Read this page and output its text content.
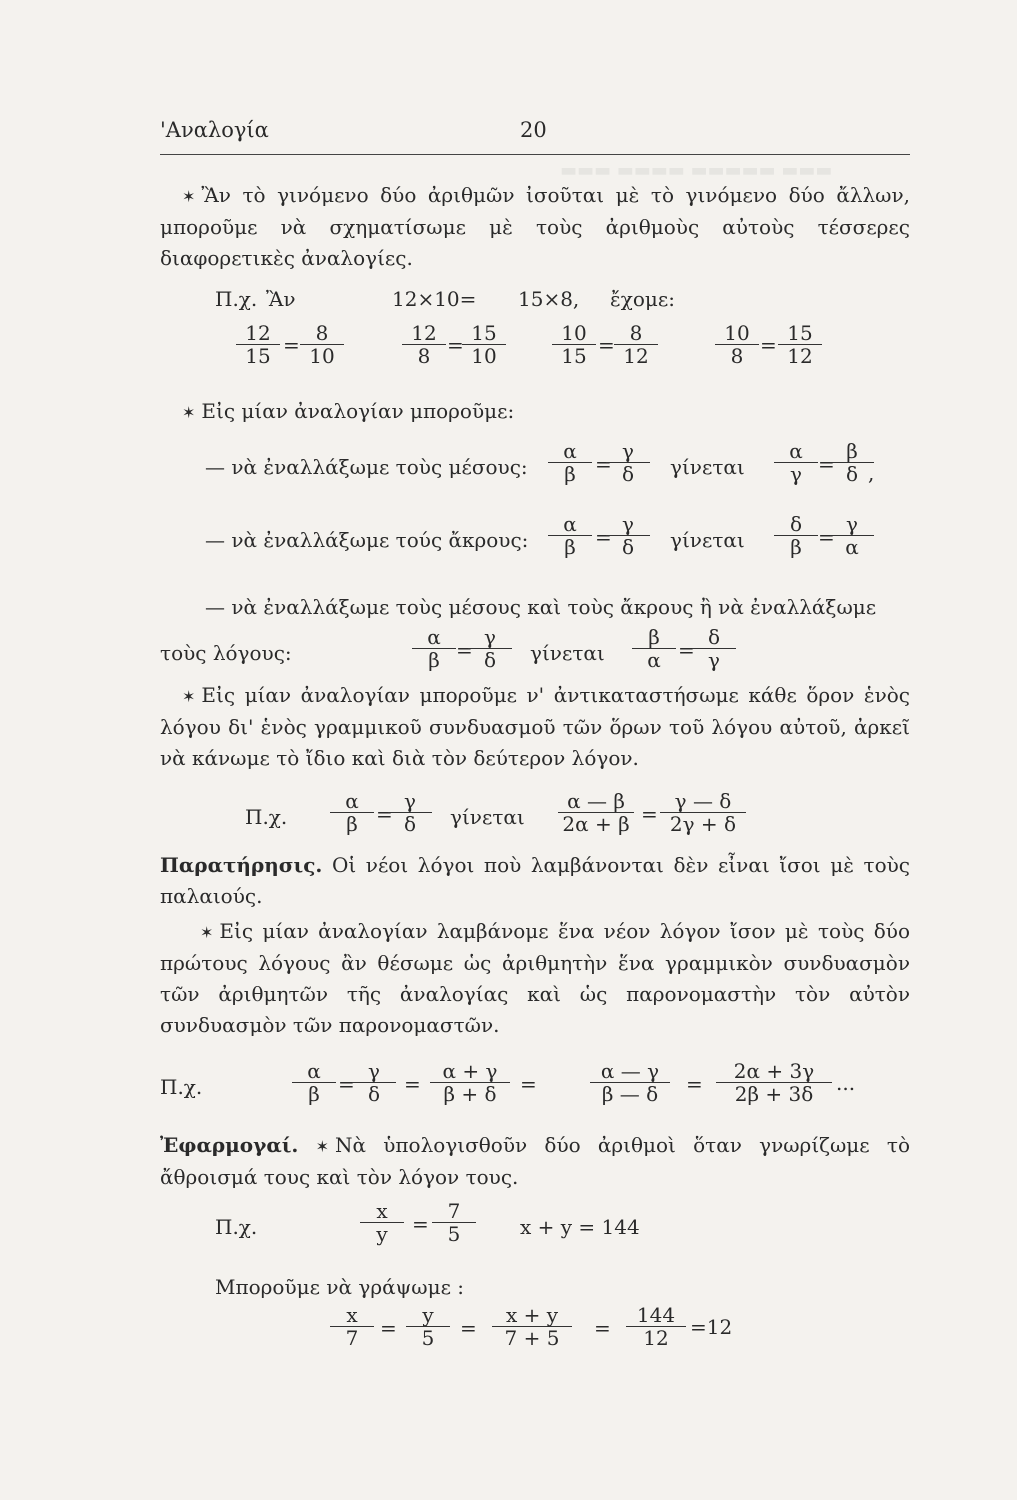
▬▬▬ ▬▬▬▬ ▬▬▬▬▬ ▬▬▬
'Αναλογία	20
✶ Ἂν τὸ γινόμενο δύο ἀριθμῶν ἰσοῦται μὲ τὸ γινόμενο δύο ἄλλων, μποροῦμε νὰ σχηματίσωμε μὲ τοὺς ἀριθμοὺς αὐτοὺς τέσσερες διαφορετικὲς ἀναλογίες.
Π.χ. Ἂν	12×10= 15×8, ἔχομε:
$\frac{12}{15} = \frac{8}{10}$	$\frac{12}{8}$ =
$\frac{15}{10} \frac{10}{15} = \frac{8}{12}$	$\frac{10}{8} = \frac{15}{12}$
✶ Εἰς μίαν ἀναλογίαν μποροῦμε:
— νὰ ἐναλλάξωμε τοὺς μέσους: $\frac{\alpha}{\beta}$ =
$\frac{\gamma}{\delta}$ γίνεται $\frac{\alpha}{\gamma}$ =
$\frac{\beta}{\delta}$
,
— νὰ ἐναλλάξωμε τούς ἄκρους: $\frac{\alpha}{\beta}$ =
$\frac{\gamma}{\delta}$ γίνεται $\frac{\delta}{\beta}$ =
$\frac{\gamma}{\alpha}$
— νὰ ἐναλλάξωμε τοὺς μέσους καὶ τοὺς ἄκρους ἢ νὰ ἐναλλάξωμε
τοὺς λόγους:	$\frac{\alpha}{\beta}$ =
$\frac{\gamma}{\delta}$ γίνεται $\frac{\beta}{\alpha}$ =
$\frac{\delta}{\gamma}$
✶ Εἰς μίαν ἀναλογίαν μποροῦμε ν' ἀντικαταστήσωμε κάθε ὅρον ἑνὸς λόγου δι' ἑνὸς γραμμικοῦ συνδυασμοῦ τῶν ὅρων τοῦ λόγου αὐτοῦ, ἀρκεῖ νὰ κάνωμε τὸ ἴδιο καὶ διὰ τὸν δεύτερον λόγον.
Π.χ. $\frac{\alpha}{\beta}$ =
$\frac{\gamma}{\delta}$ γίνεται $\frac{\alpha — \beta}{2\alpha + \beta} = \frac{\gamma — \delta}{2\gamma + \delta}$
Παρατήρησις. Οἱ νέοι λόγοι ποὺ λαμβάνονται δὲν εἶναι ἴσοι μὲ τοὺς παλαιούς.
✶ Εἰς μίαν ἀναλογίαν λαμβάνομε ἕνα νέον λόγον ἴσον μὲ τοὺς δύο πρώτους λόγους ἂν θέσωμε ὡς ἀριθμητὴν ἕνα γραμμικὸν συνδυασμὸν τῶν ἀριθμητῶν τῆς ἀναλογίας καὶ ὡς παρονομαστὴν τὸν αὐτὸν συνδυασμὸν τῶν παρονομαστῶν.
Π.χ.	$\frac{\alpha}{\beta}$ =
$\frac{\gamma}{\delta} = \frac{\alpha + \gamma}{\beta + \delta}$ =	$\frac{\alpha — \gamma}{\beta — \delta} = \frac{2\alpha + 3\gamma}{2\beta + 3\delta}$ ...
Ἐφαρμογαί. ✶ Νὰ ὑπολογισθοῦν δύο ἀριθμοὶ ὅταν γνωρίζωμε τὸ ἄθροισμά τους καὶ τὸν λόγον τους.
Π.χ.	$\frac{x}{y} = \frac{7}{5}$ x + y = 144
Μποροῦμε νὰ γράψωμε :
$\frac{x}{7} = \frac{y}{5} = \frac{x + y}{7 + 5} = \frac{144}{12} =12$
